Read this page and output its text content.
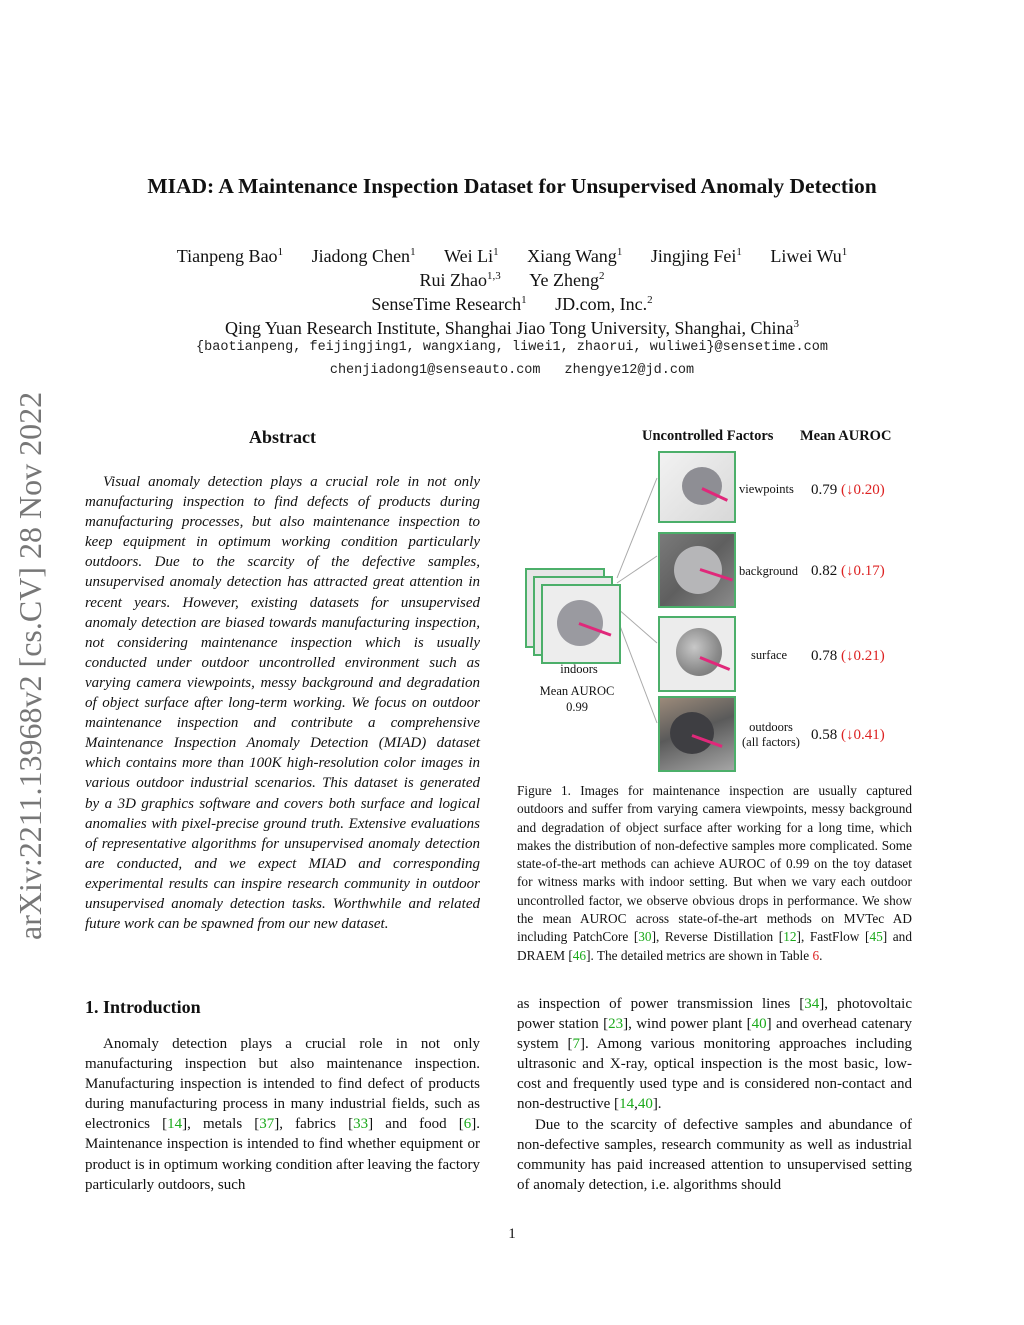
MIAD: A Maintenance Inspection Dataset for Unsupervised Anomaly Detection
Tianpeng Bao$^1$ Jiadong Chen$^1$ Wei Li$^1$ Xiang Wang$^1$ Jingjing Fei$^1$ Liwei Wu$^1$
Rui Zhao$^{1,3}$ Ye Zheng$^2$
SenseTime Research$^1$ JD.com, Inc.$^2$
Qing Yuan Research Institute, Shanghai Jiao Tong University, Shanghai, China$^3$
{baotianpeng, feijingjing1, wangxiang, liwei1, zhaorui, wuliwei}@sensetime.com
chenjiadong1@senseauto.com zhengye12@jd.com
arXiv:2211.13968v2 [cs.CV] 28 Nov 2022	Abstract

Visual anomaly detection plays a crucial role in not only manufacturing inspection to find defects of products during manufacturing processes, but also maintenance inspection to keep equipment in optimum working condition particularly outdoors. Due to the scarcity of the defective samples, unsupervised anomaly detection has attracted great attention in recent years. However, existing datasets for unsupervised anomaly detection are biased towards manufacturing inspection, not considering maintenance inspection which is usually conducted under outdoor uncontrolled environment such as varying camera viewpoints, messy background and degradation of object surface after long-term working. We focus on outdoor maintenance inspection and contribute a comprehensive Maintenance Inspection Anomaly Detection (MIAD) dataset which contains more than 100K high-resolution color images in various outdoor industrial scenarios. This dataset is generated by a 3D graphics software and covers both surface and logical anomalies with pixel-precise ground truth. Extensive evaluations of representative algorithms for unsupervised anomaly detection are conducted, and we expect MIAD and corresponding experimental results can inspire research community in outdoor unsupervised anomaly detection tasks. Worthwhile and related future work can be spawned from our new dataset.

1. Introduction

Anomaly detection plays a crucial role in not only manufacturing inspection but also maintenance inspection. Manufacturing inspection is intended to find defect of products during manufacturing process in many industrial fields, such as electronics [14], metals [37], fabrics [33] and food [6]. Maintenance inspection is intended to find whether equipment or product is in optimum working condition after leaving the factory particularly outdoors, such

as inspection of power transmission lines [34], photovoltaic power station [23], wind power plant [40] and overhead catenary system [7]. Among various monitoring approaches including ultrasonic and X-ray, optical inspection is the most basic, low-cost and frequently used type and is considered non-contact and non-destructive [14,40].

Due to the scarcity of defective samples and abundance of non-defective samples, research community as well as industrial community has paid increased attention to unsupervised setting of anomaly detection, i.e. algorithms should

Uncontrolled Factors Mean AUROC
indoors
Mean AUROC
0.99
viewpoints 0.79 (↓0.20)
background 0.82 (↓0.17)
surface 0.78 (↓0.21)
outdoors
(all factors) 0.58 (↓0.41)
Figure 1. Images for maintenance inspection are usually captured outdoors and suffer from varying camera viewpoints, messy background and degradation of object surface after working for a long time, which makes the distribution of non-defective samples more complicated. Some state-of-the-art methods can achieve AUROC of 0.99 on the toy dataset for witness marks with indoor setting. But when we vary each outdoor uncontrolled factor, we observe obvious drops in performance. We show the mean AUROC across state-of-the-art methods on MVTec AD including PatchCore [30], Reverse Distillation [12], FastFlow [45] and DRAEM [46]. The detailed metrics are shown in Table 6.
1
